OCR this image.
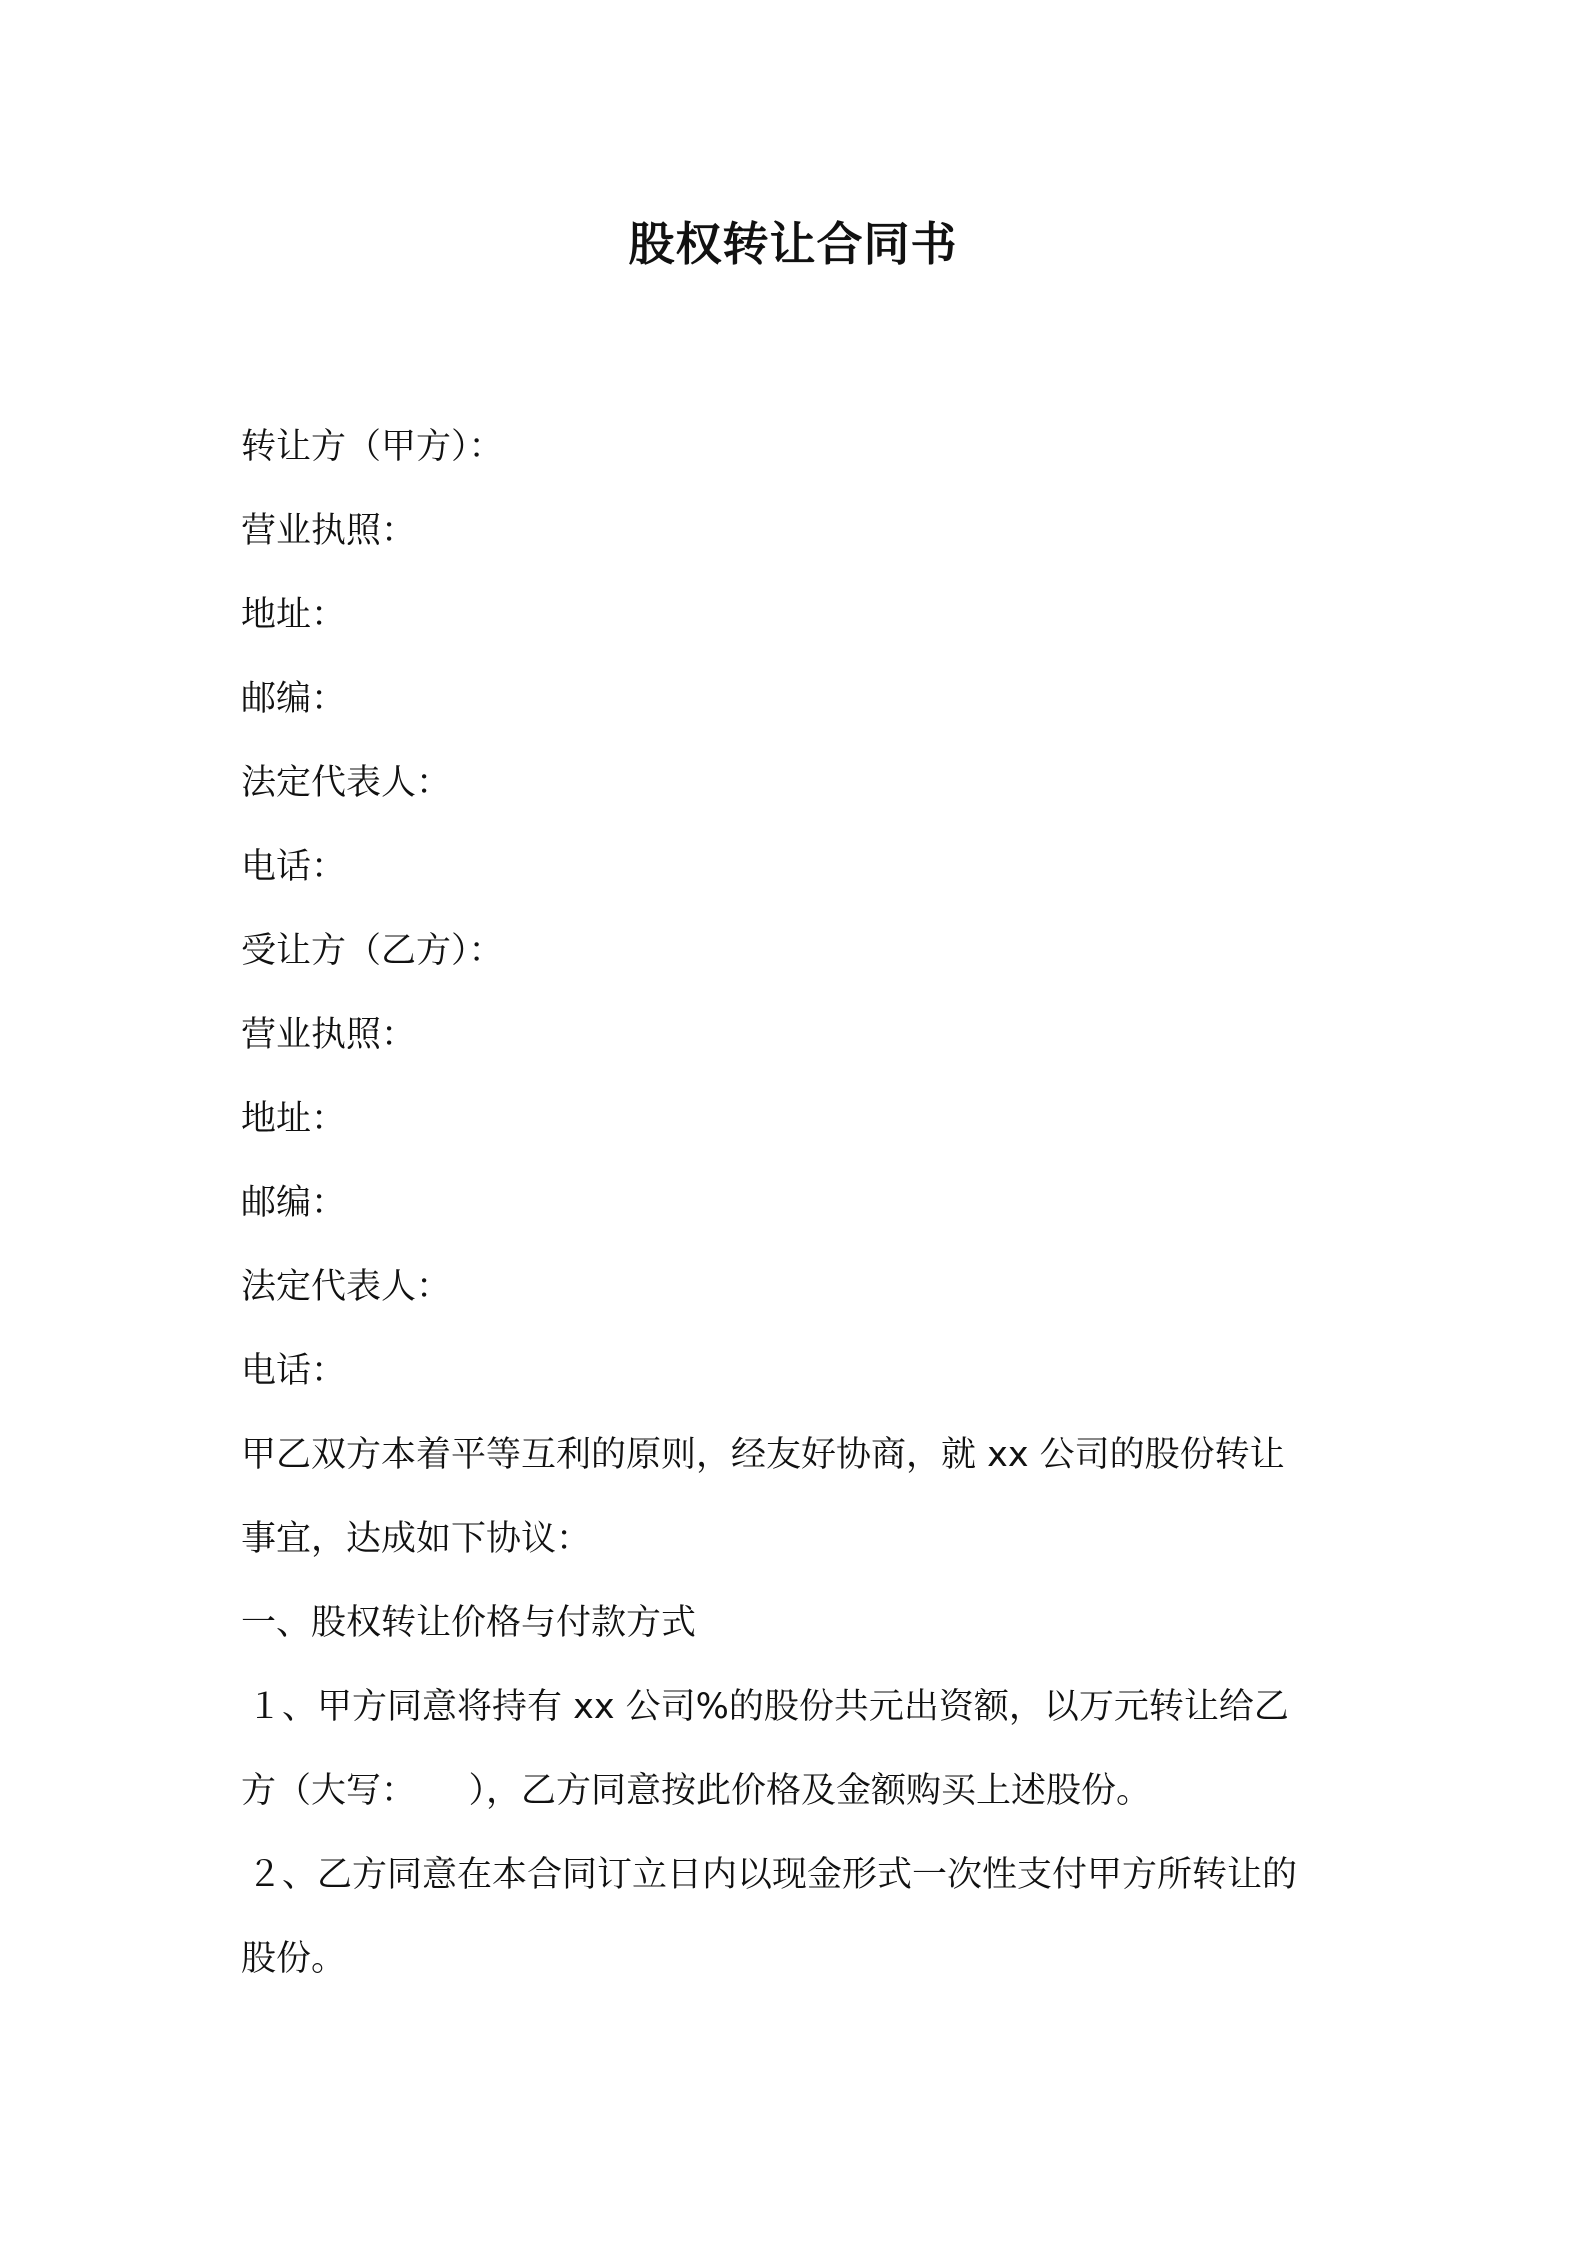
股权转让合同书
转让方（甲方）：
营业执照：
地址：
邮编：
法定代表人：
电话：
受让方（乙方）：
营业执照：
地址：
邮编：
法定代表人：
电话：
甲乙双方本着平等互利的原则，经友好协商，就 xx 公司的股份转让
事宜，达成如下协议：
一、股权转让价格与付款方式
１、甲方同意将持有 xx 公司%的股份共元出资额，以万元转让给乙
方（大写：　　），乙方同意按此价格及金额购买上述股份。
２、乙方同意在本合同订立日内以现金形式一次性支付甲方所转让的
股份。
